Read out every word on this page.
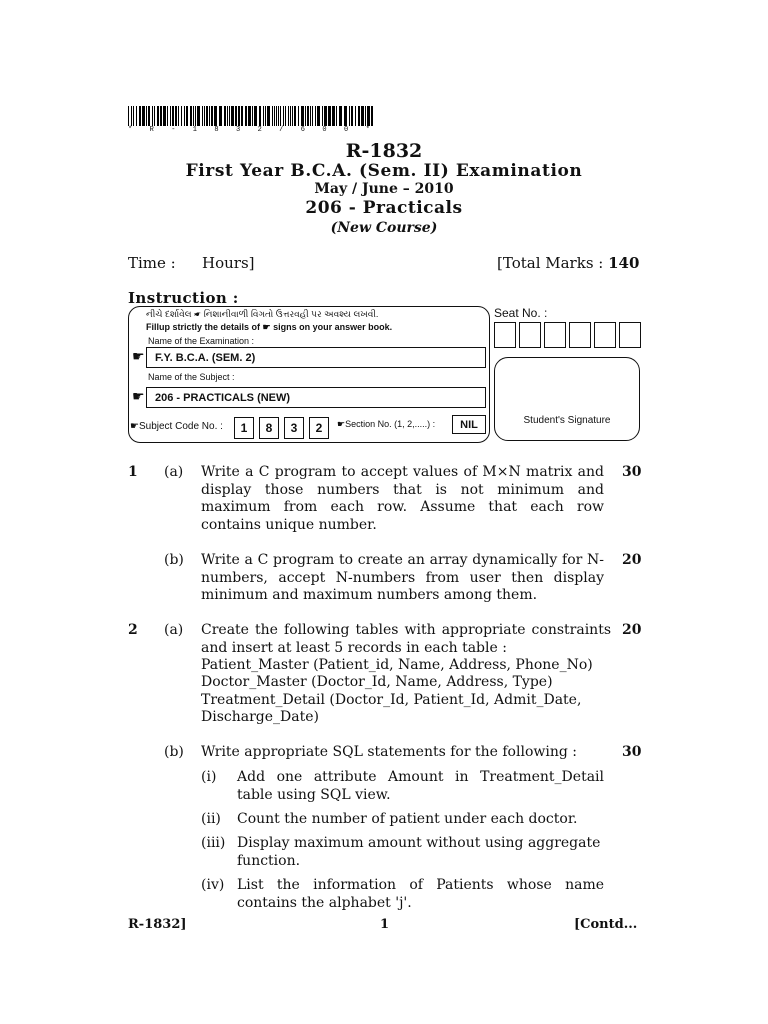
* R - 1 8 3 2 / 6 0 0 *
R-1832
First Year B.C.A. (Sem. II) Examination
May / June – 2010
206 - Practicals
(New Course)
Time : Hours]	[Total Marks : 140
Instruction :
નીચે દર્શાવેલ ☛ નિશાનીવાળી વિગતો ઉત્તરવહી પર અવશ્ય લખવી.
Fillup strictly the details of ☛ signs on your answer book.
Name of the Examination :
☛ F.Y. B.C.A. (SEM. 2)
Name of the Subject :
☛ 206 - PRACTICALS (NEW)
☛Subject Code No. :	1	8	3	2	☛Section No. (1, 2,.....) :	NIL
Seat No. :
Student's Signature
1 (a) Write a C program to accept values of M×N matrix and display those numbers that is not minimum and maximum from each row. Assume that each row contains unique number.
30
(b) Write a C program to create an array dynamically for N-numbers, accept N-numbers from user then display minimum and maximum numbers among them.
20
2 (a) Create the following tables with appropriate constraints and insert at least 5 records in each table :
20
Patient_Master (Patient_id, Name, Address, Phone_No)
Doctor_Master (Doctor_Id, Name, Address, Type)
Treatment_Detail (Doctor_Id, Patient_Id, Admit_Date,
Discharge_Date)
(b) Write appropriate SQL statements for the following :	30
(i) Add one attribute Amount in Treatment_Detail table using SQL view.
(ii) Count the number of patient under each doctor.
(iii) Display maximum amount without using aggregate function.
(iv) List the information of Patients whose name contains the alphabet 'j'.
R-1832]	1	[Contd...
